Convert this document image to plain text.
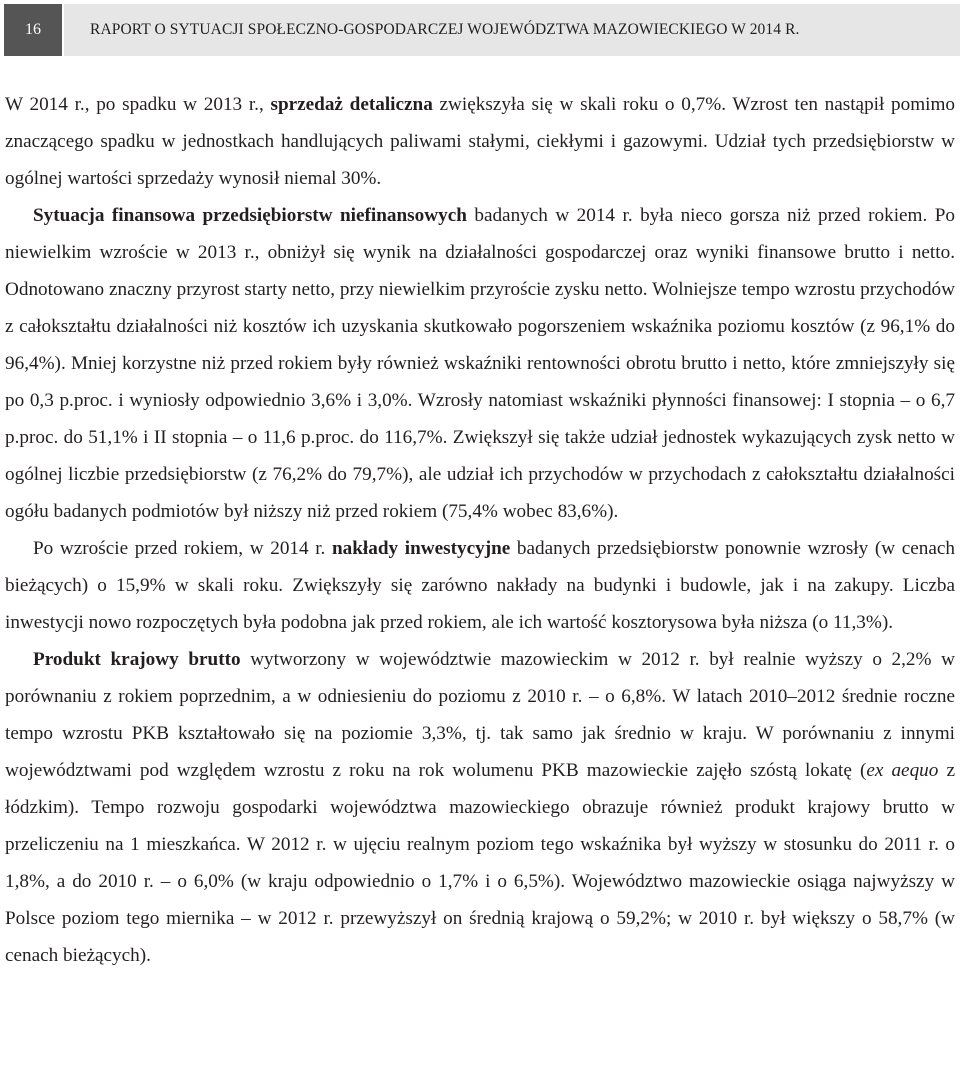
16	RAPORT O SYTUACJI SPOŁECZNO-GOSPODARCZEJ WOJEWÓDZTWA MAZOWIECKIEGO W 2014 R.

W 2014 r., po spadku w 2013 r., sprzedaż detaliczna zwiększyła się w skali roku o 0,7%. Wzrost ten nastąpił pomimo znaczącego spadku w jednostkach handlujących paliwami stałymi, ciekłymi i gazowymi. Udział tych przedsiębiorstw w ogólnej wartości sprzedaży wynosił niemal 30%.

Sytuacja finansowa przedsiębiorstw niefinansowych badanych w 2014 r. była nieco gorsza niż przed rokiem. Po niewielkim wzroście w 2013 r., obniżył się wynik na działalności gospodarczej oraz wyniki finansowe brutto i netto. Odnotowano znaczny przyrost starty netto, przy niewielkim przyroście zysku netto. Wolniejsze tempo wzrostu przychodów z całokształtu działalności niż kosztów ich uzyskania skutkowało pogorszeniem wskaźnika poziomu kosztów (z 96,1% do 96,4%). Mniej korzystne niż przed rokiem były również wskaźniki rentowności obrotu brutto i netto, które zmniejszyły się po 0,3 p.proc. i wyniosły odpowiednio 3,6% i 3,0%. Wzrosły natomiast wskaźniki płynności finansowej: I stopnia – o 6,7 p.proc. do 51,1% i II stopnia – o 11,6 p.proc. do 116,7%. Zwiększył się także udział jednostek wykazujących zysk netto w ogólnej liczbie przedsiębiorstw (z 76,2% do 79,7%), ale udział ich przychodów w przychodach z całokształtu działalności ogółu badanych podmiotów był niższy niż przed rokiem (75,4% wobec 83,6%).

Po wzroście przed rokiem, w 2014 r. nakłady inwestycyjne badanych przedsiębiorstw ponownie wzrosły (w cenach bieżących) o 15,9% w skali roku. Zwiększyły się zarówno nakłady na budynki i budowle, jak i na zakupy. Liczba inwestycji nowo rozpoczętych była podobna jak przed rokiem, ale ich wartość kosztorysowa była niższa (o 11,3%).

Produkt krajowy brutto wytworzony w województwie mazowieckim w 2012 r. był realnie wyższy o 2,2% w porównaniu z rokiem poprzednim, a w odniesieniu do poziomu z 2010 r. – o 6,8%. W latach 2010–2012 średnie roczne tempo wzrostu PKB kształtowało się na poziomie 3,3%, tj. tak samo jak średnio w kraju. W porównaniu z innymi województwami pod względem wzrostu z roku na rok wolumenu PKB mazowieckie zajęło szóstą lokatę (ex aequo z łódzkim). Tempo rozwoju gospodarki województwa mazowieckiego obrazuje również produkt krajowy brutto w przeliczeniu na 1 mieszkańca. W 2012 r. w ujęciu realnym poziom tego wskaźnika był wyższy w stosunku do 2011 r. o 1,8%, a do 2010 r. – o 6,0% (w kraju odpowiednio o 1,7% i o 6,5%). Województwo mazowieckie osiąga najwyższy w Polsce poziom tego miernika – w 2012 r. przewyższył on średnią krajową o 59,2%; w 2010 r. był większy o 58,7% (w cenach bieżących).
